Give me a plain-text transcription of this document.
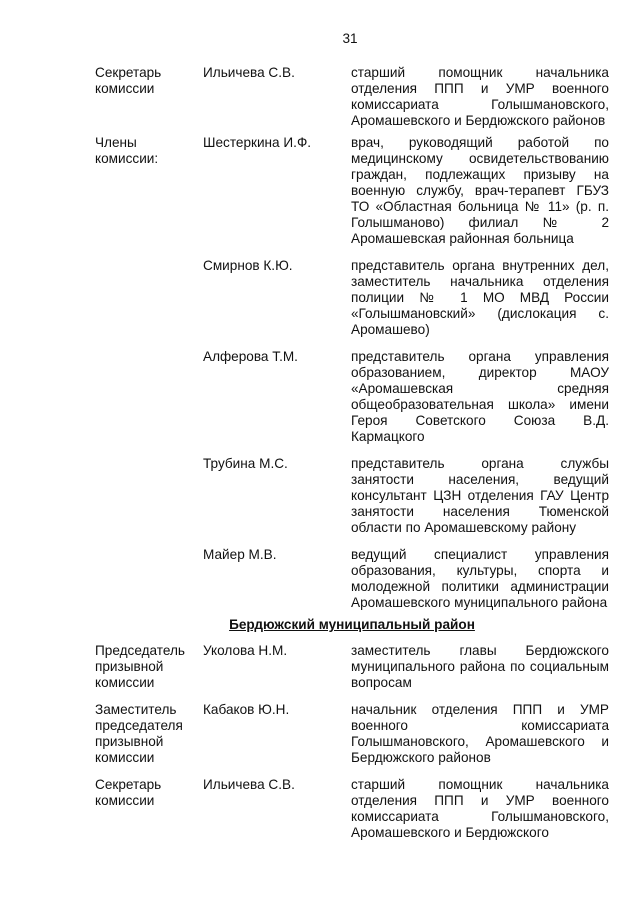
31
Секретарь
комиссии
Ильичева С.В.	старший помощник начальника отделения ППП и УМР военного комиссариата Голышмановского, Аромашевского и Бердюжского районов
Члены
комиссии:
Шестеркина И.Ф.	врач, руководящий работой по медицинскому освидетельствованию граждан, подлежащих призыву на военную службу, врач-терапевт ГБУЗ ТО «Областная больница № 11» (р. п. Голышманово) филиал № 2 Аромашевская районная больница
Смирнов К.Ю.	представитель органа внутренних дел, заместитель начальника отделения полиции № 1 МО МВД России «Голышмановский» (дислокация с. Аромашево)
Алферова Т.М.	представитель органа управления образованием, директор МАОУ «Аромашевская средняя общеобразовательная школа» имени Героя Советского Союза В.Д. Кармацкого
Трубина М.С.	представитель органа службы занятости населения, ведущий консультант ЦЗН отделения ГАУ Центр занятости населения Тюменской области по Аромашевскому району
Майер М.В.	ведущий специалист управления образования, культуры, спорта и молодежной политики администрации Аромашевского муниципального района
Бердюжский муниципальный район
Председатель
призывной
комиссии
Уколова Н.М.	заместитель главы Бердюжского муниципального района по социальным вопросам
Заместитель
председателя
призывной
комиссии
Кабаков Ю.Н.	начальник отделения ППП и УМР военного комиссариата Голышмановского, Аромашевского и Бердюжского районов
Секретарь
комиссии
Ильичева С.В.	старший помощник начальника отделения ППП и УМР военного комиссариата Голышмановского, Аромашевского и Бердюжского
